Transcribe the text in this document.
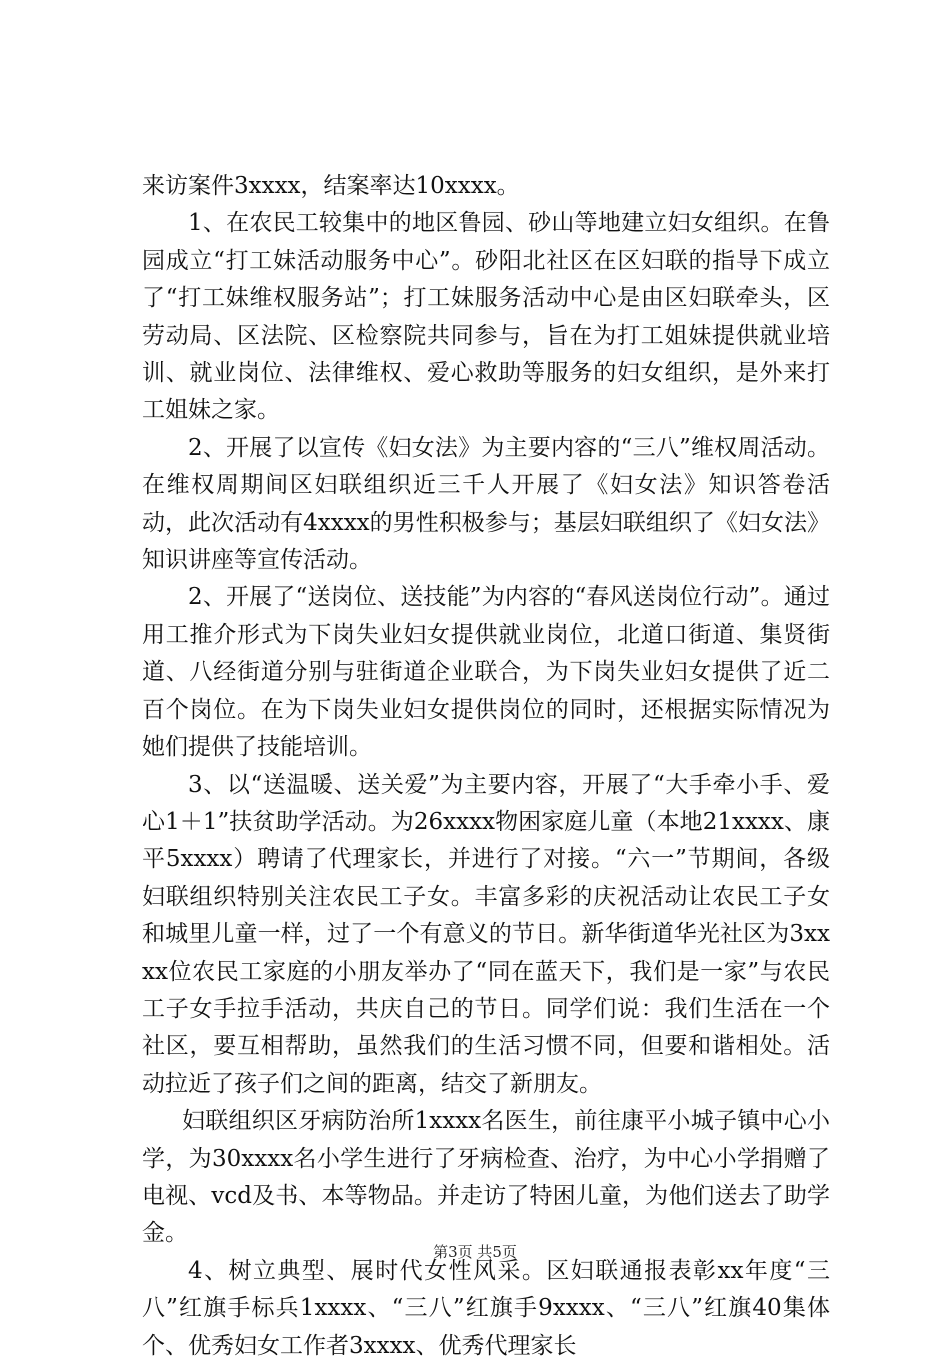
来访案件3xxxx，结案率达10xxxx。

1、在农民工较集中的地区鲁园、砂山等地建立妇女组织。在鲁园成立“打工妹活动服务中心”。砂阳北社区在区妇联的指导下成立了“打工妹维权服务站”；打工妹服务活动中心是由区妇联牵头，区劳动局、区法院、区检察院共同参与，旨在为打工姐妹提供就业培训、就业岗位、法律维权、爱心救助等服务的妇女组织，是外来打工姐妹之家。

2、开展了以宣传《妇女法》为主要内容的“三八”维权周活动。在维权周期间区妇联组织近三千人开展了《妇女法》知识答卷活动，此次活动有4xxxx的男性积极参与；基层妇联组织了《妇女法》知识讲座等宣传活动。

2、开展了“送岗位、送技能”为内容的“春风送岗位行动”。通过用工推介形式为下岗失业妇女提供就业岗位，北道口街道、集贤街道、八经街道分别与驻街道企业联合，为下岗失业妇女提供了近二百个岗位。在为下岗失业妇女提供岗位的同时，还根据实际情况为她们提供了技能培训。

3、以“送温暖、送关爱”为主要内容，开展了“大手牵小手、爱心1＋1”扶贫助学活动。为26xxxx物困家庭儿童（本地21xxxx、康平5xxxx）聘请了代理家长，并进行了对接。“六一”节期间，各级妇联组织特别关注农民工子女。丰富多彩的庆祝活动让农民工子女和城里儿童一样，过了一个有意义的节日。新华街道华光社区为3xxxx位农民工家庭的小朋友举办了“同在蓝天下，我们是一家”与农民工子女手拉手活动，共庆自己的节日。同学们说：我们生活在一个社区，要互相帮助，虽然我们的生活习惯不同，但要和谐相处。活动拉近了孩子们之间的距离，结交了新朋友。

妇联组织区牙病防治所1xxxx名医生，前往康平小城子镇中心小学，为30xxxx名小学生进行了牙病检查、治疗，为中心小学捐赠了电视、vcd及书、本等物品。并走访了特困儿童，为他们送去了助学金。

4、树立典型、展时代女性风采。区妇联通报表彰xx年度“三八”红旗手标兵1xxxx、“三八”红旗手9xxxx、“三八”红旗40集体个、优秀妇女工作者3xxxx、优秀代理家长

第3页 共5页
